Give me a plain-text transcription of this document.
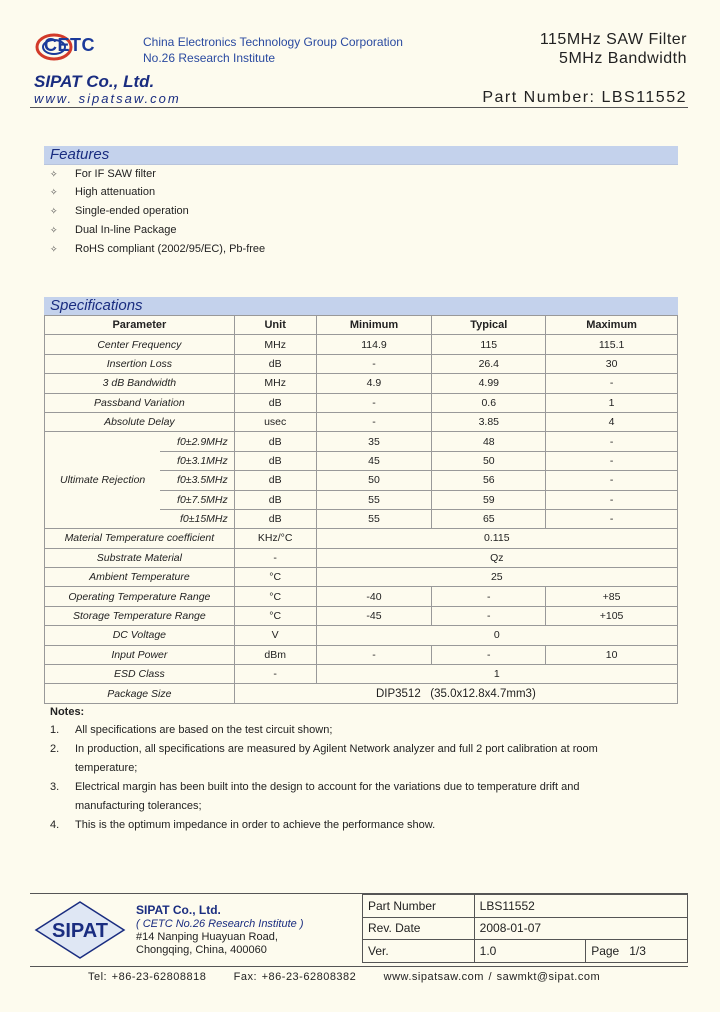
CETC	China Electronics Technology Group Corporation
No.26 Research Institute
SIPAT Co., Ltd.
www. sipatsaw.com
115MHz SAW Filter
5MHz Bandwidth
Part Number: LBS11552
Features
✧ For IF SAW filter
✧ High attenuation
✧ Single-ended operation
✧ Dual In-line Package
✧ RoHS compliant (2002/95/EC), Pb-free
Specifications
Parameter		Unit	Minimum	Typical	Maximum
Center Frequency		MHz	114.9	115	115.1
Insertion Loss		dB	-	26.4	30
3 dB Bandwidth		MHz	4.9	4.99	-
Passband Variation		dB	-	0.6	1
Absolute Delay		usec	-	3.85	4
Ultimate Rejection	f0±2.9MHz	dB	35	48	-
	f0±3.1MHz	dB	45	50	-
	f0±3.5MHz	dB	50	56	-
	f0±7.5MHz	dB	55	59	-
	f0±15MHz	dB	55	65	-
Material Temperature coefficient		KHz/°C	0.115		
Substrate Material		-	Qz		
Ambient Temperature		°C	25		
Operating Temperature Range		°C	-40	-	+85
Storage Temperature Range		°C	-45	-	+105
DC Voltage		V	0		
Input Power		dBm	-	-	10
ESD Class		-	1		
Package Size		DIP3512   (35.0x12.8x4.7mm3)			
Notes:
1. All specifications are based on the test circuit shown;
2. In production, all specifications are measured by Agilent Network analyzer and full 2 port calibration at room temperature;
3. Electrical margin has been built into the design to account for the variations due to temperature drift and manufacturing tolerances;
4. This is the optimum impedance in order to achieve the performance show.
SIPAT
SIPAT Co., Ltd.
( CETC No.26 Research Institute )
#14 Nanping Huayuan Road,
Chongqing, China, 400060
Part Number	LBS11552	
Rev. Date	2008-01-07	
Ver.	1.0	Page   1/3
Tel: +86-23-62808818      Fax: +86-23-62808382      www.sipatsaw.com / sawmkt@sipat.com
